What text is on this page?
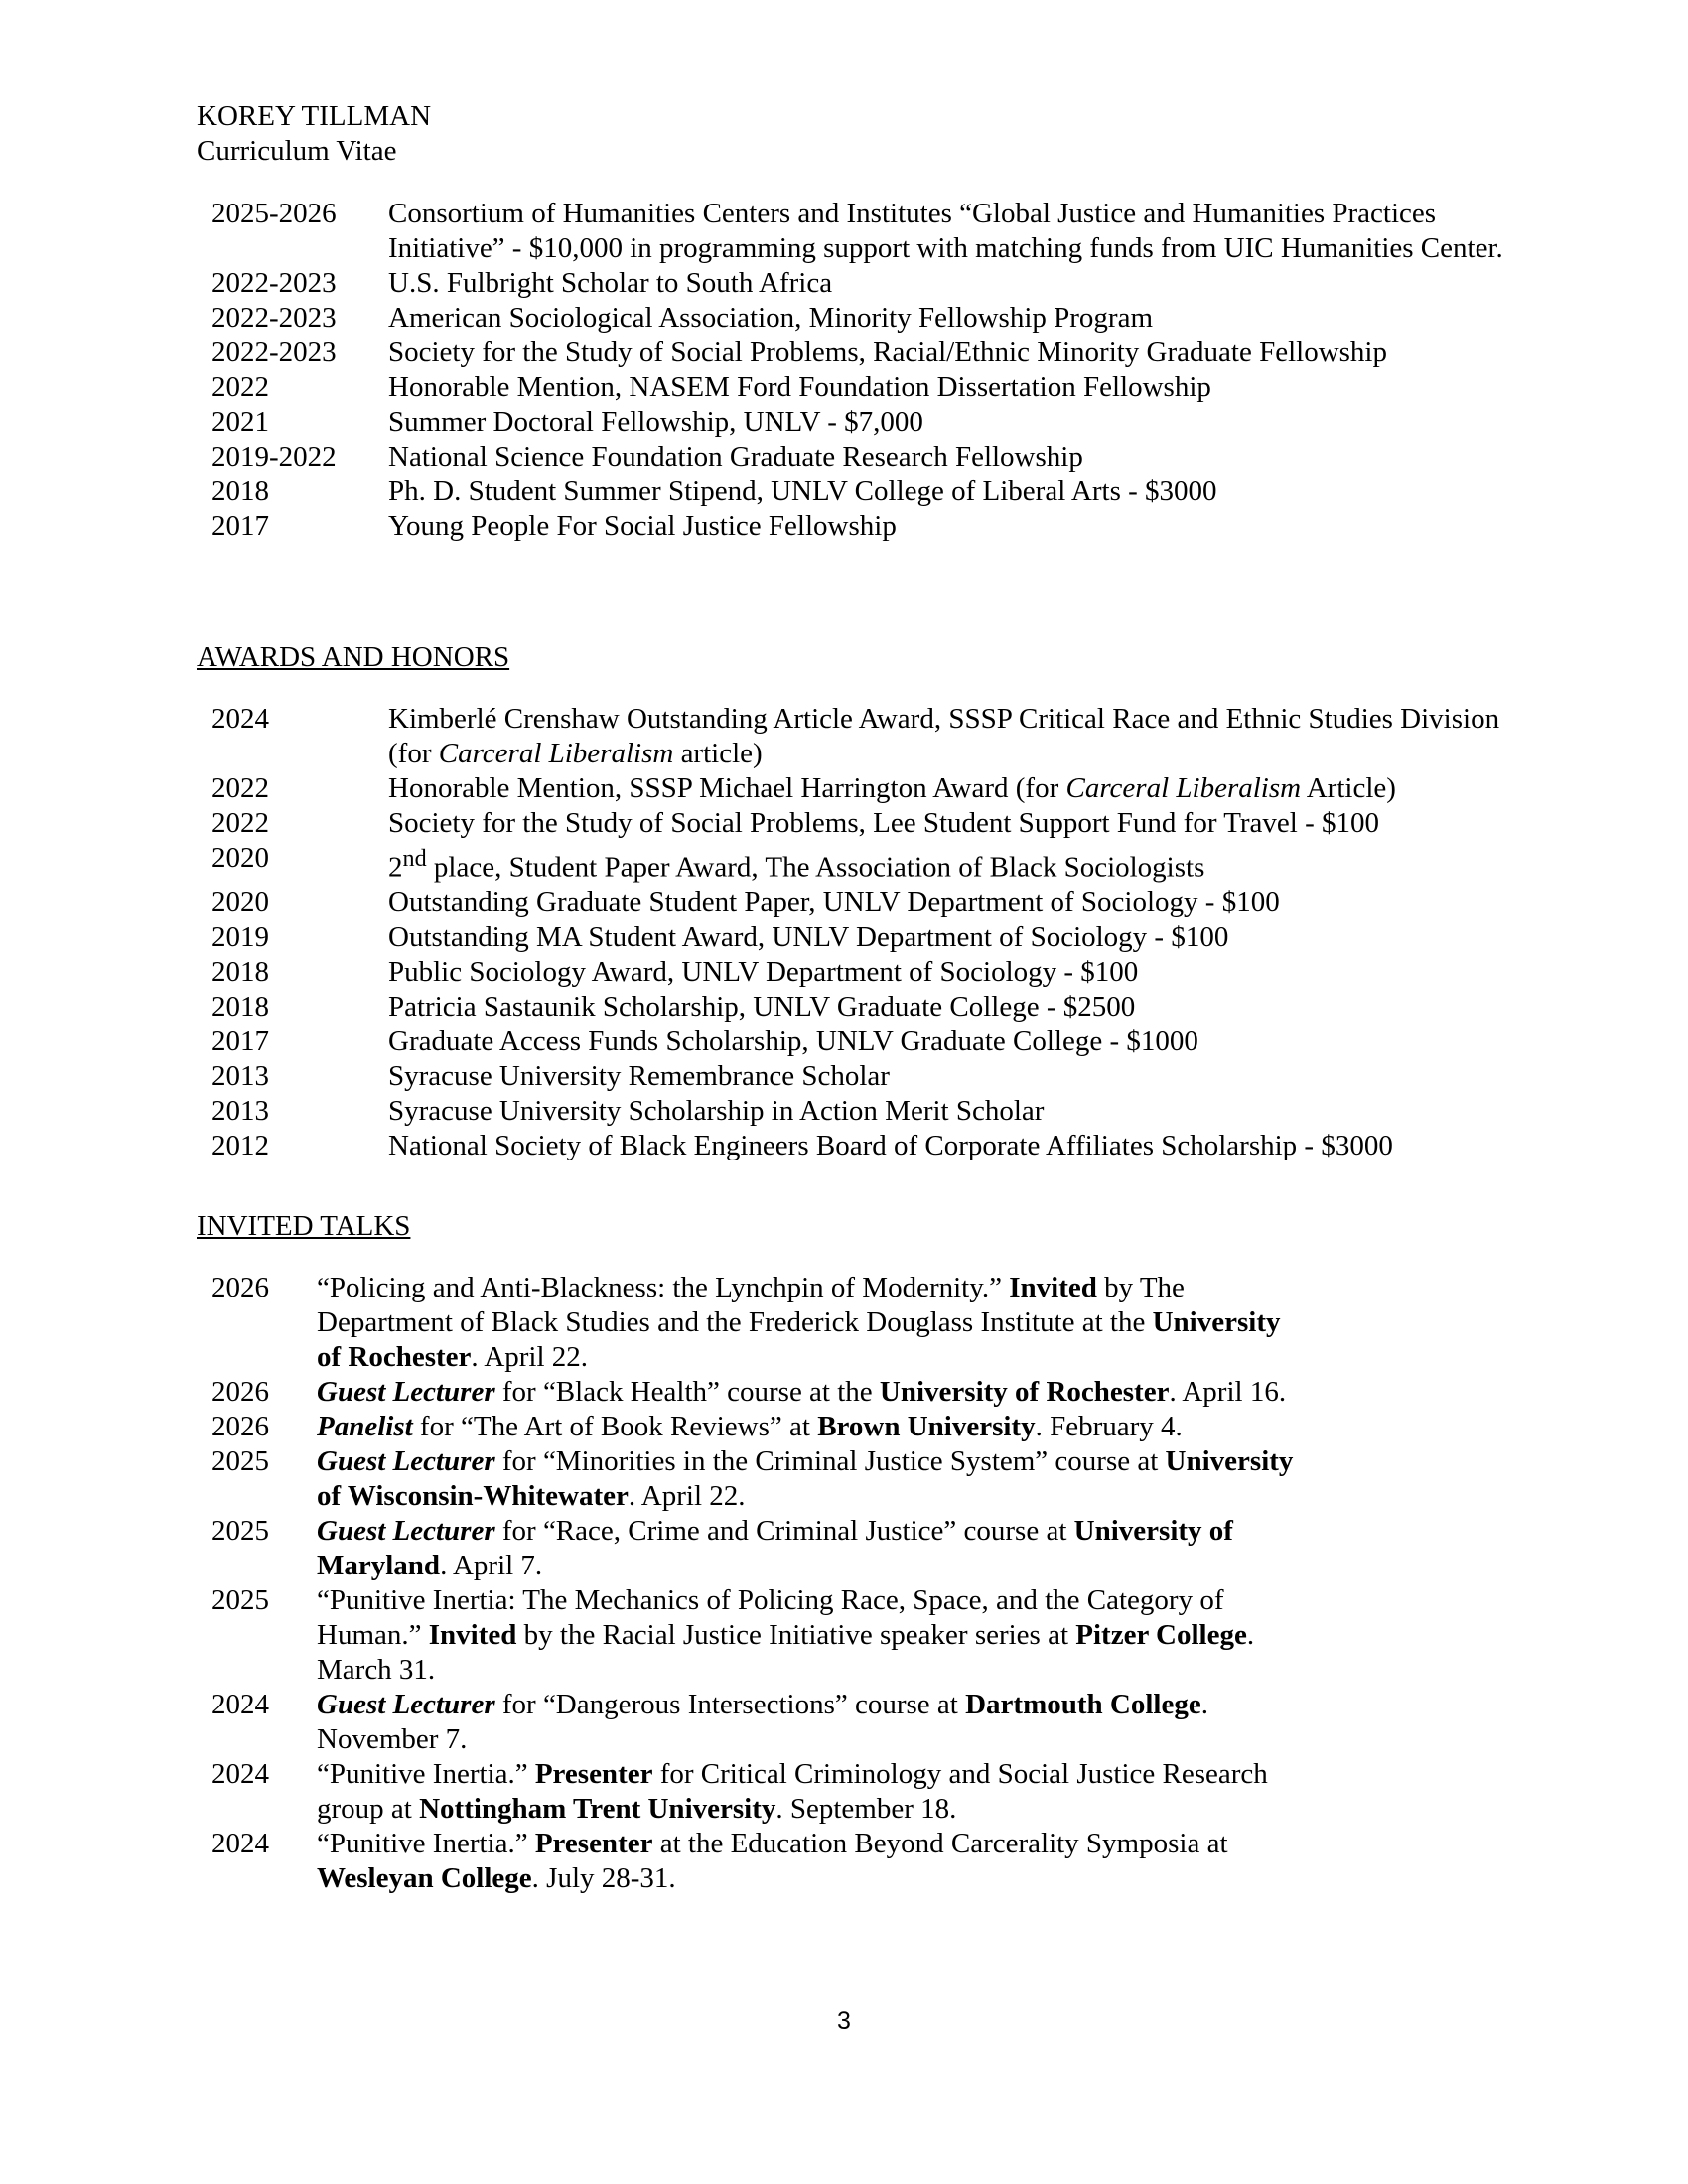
KOREY TILLMAN
Curriculum Vitae
2025-2026	Consortium of Humanities Centers and Institutes “Global Justice and Humanities Practices Initiative” - $10,000 in programming support with matching funds from UIC Humanities Center.
2022-2023	U.S. Fulbright Scholar to South Africa
2022-2023	American Sociological Association, Minority Fellowship Program
2022-2023	Society for the Study of Social Problems, Racial/Ethnic Minority Graduate Fellowship
2022	Honorable Mention, NASEM Ford Foundation Dissertation Fellowship
2021	Summer Doctoral Fellowship, UNLV - $7,000
2019-2022	National Science Foundation Graduate Research Fellowship
2018	Ph. D. Student Summer Stipend, UNLV College of Liberal Arts - $3000
2017	Young People For Social Justice Fellowship
AWARDS AND HONORS
2024	Kimberlé Crenshaw Outstanding Article Award, SSSP Critical Race and Ethnic Studies Division (for Carceral Liberalism article)
2022	Honorable Mention, SSSP Michael Harrington Award (for Carceral Liberalism Article)
2022	Society for the Study of Social Problems, Lee Student Support Fund for Travel - $100
2020	2nd place, Student Paper Award, The Association of Black Sociologists
2020	Outstanding Graduate Student Paper, UNLV Department of Sociology - $100
2019	Outstanding MA Student Award, UNLV Department of Sociology - $100
2018	Public Sociology Award, UNLV Department of Sociology - $100
2018	Patricia Sastaunik Scholarship, UNLV Graduate College - $2500
2017	Graduate Access Funds Scholarship, UNLV Graduate College - $1000
2013	Syracuse University Remembrance Scholar
2013	Syracuse University Scholarship in Action Merit Scholar
2012	National Society of Black Engineers Board of Corporate Affiliates Scholarship - $3000
INVITED TALKS
2026	“Policing and Anti-Blackness: the Lynchpin of Modernity.” Invited by The Department of Black Studies and the Frederick Douglass Institute at the University of Rochester. April 22.
2026	Guest Lecturer for “Black Health” course at the University of Rochester. April 16.
2026	Panelist for “The Art of Book Reviews” at Brown University. February 4.
2025	Guest Lecturer for “Minorities in the Criminal Justice System” course at University of Wisconsin-Whitewater. April 22.
2025	Guest Lecturer for “Race, Crime and Criminal Justice” course at University of Maryland. April 7.
2025	“Punitive Inertia: The Mechanics of Policing Race, Space, and the Category of Human.” Invited by the Racial Justice Initiative speaker series at Pitzer College. March 31.
2024	Guest Lecturer for “Dangerous Intersections” course at Dartmouth College. November 7.
2024	“Punitive Inertia.” Presenter for Critical Criminology and Social Justice Research group at Nottingham Trent University. September 18.
2024	“Punitive Inertia.” Presenter at the Education Beyond Carcerality Symposia at Wesleyan College. July 28-31.
3
